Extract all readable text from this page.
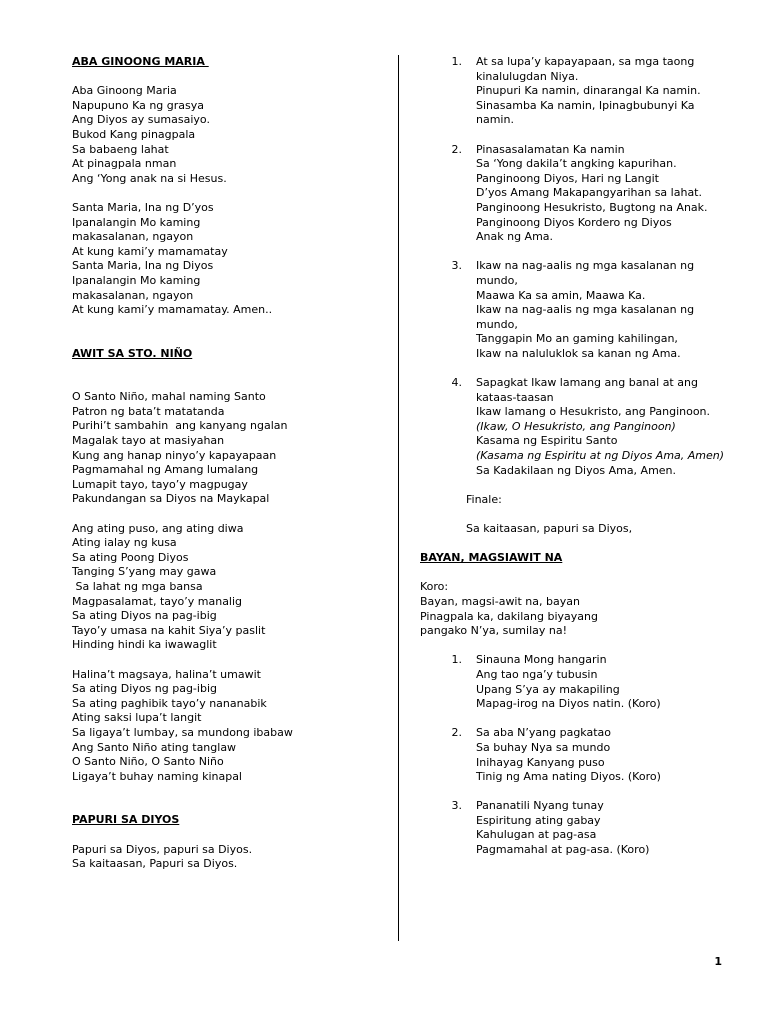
ABA GINOONG MARIA
Aba Ginoong Maria
Napupuno Ka ng grasya
Ang Diyos ay sumasaiyo.
Bukod Kang pinagpala
Sa babaeng lahat
At pinagpala nman
Ang ‘Yong anak na si Hesus.
Santa Maria, Ina ng D’yos
Ipanalangin Mo kaming
makasalanan, ngayon
At kung kami’y mamamatay
Santa Maria, Ina ng Diyos
Ipanalangin Mo kaming
makasalanan, ngayon
At kung kami’y mamamatay. Amen..
AWIT SA STO. NIÑO
O Santo Niño, mahal naming Santo
Patron ng bata’t matatanda
Purihi’t sambahin  ang kanyang ngalan
Magalak tayo at masiyahan
Kung ang hanap ninyo’y kapayapaan
Pagmamahal ng Amang lumalang
Lumapit tayo, tayo’y magpugay
Pakundangan sa Diyos na Maykapal
Ang ating puso, ang ating diwa
Ating ialay ng kusa
Sa ating Poong Diyos
Tanging S’yang may gawa
Sa lahat ng mga bansa
Magpasalamat, tayo’y manalig
Sa ating Diyos na pag-ibig
Tayo’y umasa na kahit Siya’y paslit
Hinding hindi ka iwawaglit
Halina’t magsaya, halina’t umawit
Sa ating Diyos ng pag-ibig
Sa ating paghibik tayo’y nananabik
Ating saksi lupa’t langit
Sa ligaya’t lumbay, sa mundong ibabaw
Ang Santo Niño ating tanglaw
O Santo Niño, O Santo Niño
Ligaya’t buhay naming kinapal
PAPURI SA DIYOS
Papuri sa Diyos, papuri sa Diyos.
Sa kaitaasan, Papuri sa Diyos.
1. At sa lupa’y kapayapaan, sa mga taong
kinalulugdan Niya.
Pinupuri Ka namin, dinarangal Ka namin.
Sinasamba Ka namin, Ipinagbubunyi Ka
namin.
2. Pinasasalamatan Ka namin
Sa ‘Yong dakila’t angking kapurihan.
Panginoong Diyos, Hari ng Langit
D’yos Amang Makapangyarihan sa lahat.
Panginoong Hesukristo, Bugtong na Anak.
Panginoong Diyos Kordero ng Diyos
Anak ng Ama.
3. Ikaw na nag-aalis ng mga kasalanan ng
mundo,
Maawa Ka sa amin, Maawa Ka.
Ikaw na nag-aalis ng mga kasalanan ng
mundo,
Tanggapin Mo an gaming kahilingan,
Ikaw na naluluklok sa kanan ng Ama.
4. Sapagkat Ikaw lamang ang banal at ang
kataas-taasan
Ikaw lamang o Hesukristo, ang Panginoon.
(Ikaw, O Hesukristo, ang Panginoon)
Kasama ng Espiritu Santo
(Kasama ng Espiritu at ng Diyos Ama, Amen)
Sa Kadakilaan ng Diyos Ama, Amen.
Finale:
Sa kaitaasan, papuri sa Diyos,
BAYAN, MAGSIAWIT NA
Koro:
Bayan, magsi-awit na, bayan
Pinagpala ka, dakilang biyayang
pangako N’ya, sumilay na!
1. Sinauna Mong hangarin
Ang tao nga’y tubusin
Upang S’ya ay makapiling
Mapag-irog na Diyos natin. (Koro)
2. Sa aba N’yang pagkatao
Sa buhay Nya sa mundo
Inihayag Kanyang puso
Tinig ng Ama nating Diyos. (Koro)
3. Pananatili Nyang tunay
Espiritung ating gabay
Kahulugan at pag-asa
Pagmamahal at pag-asa. (Koro)
1
